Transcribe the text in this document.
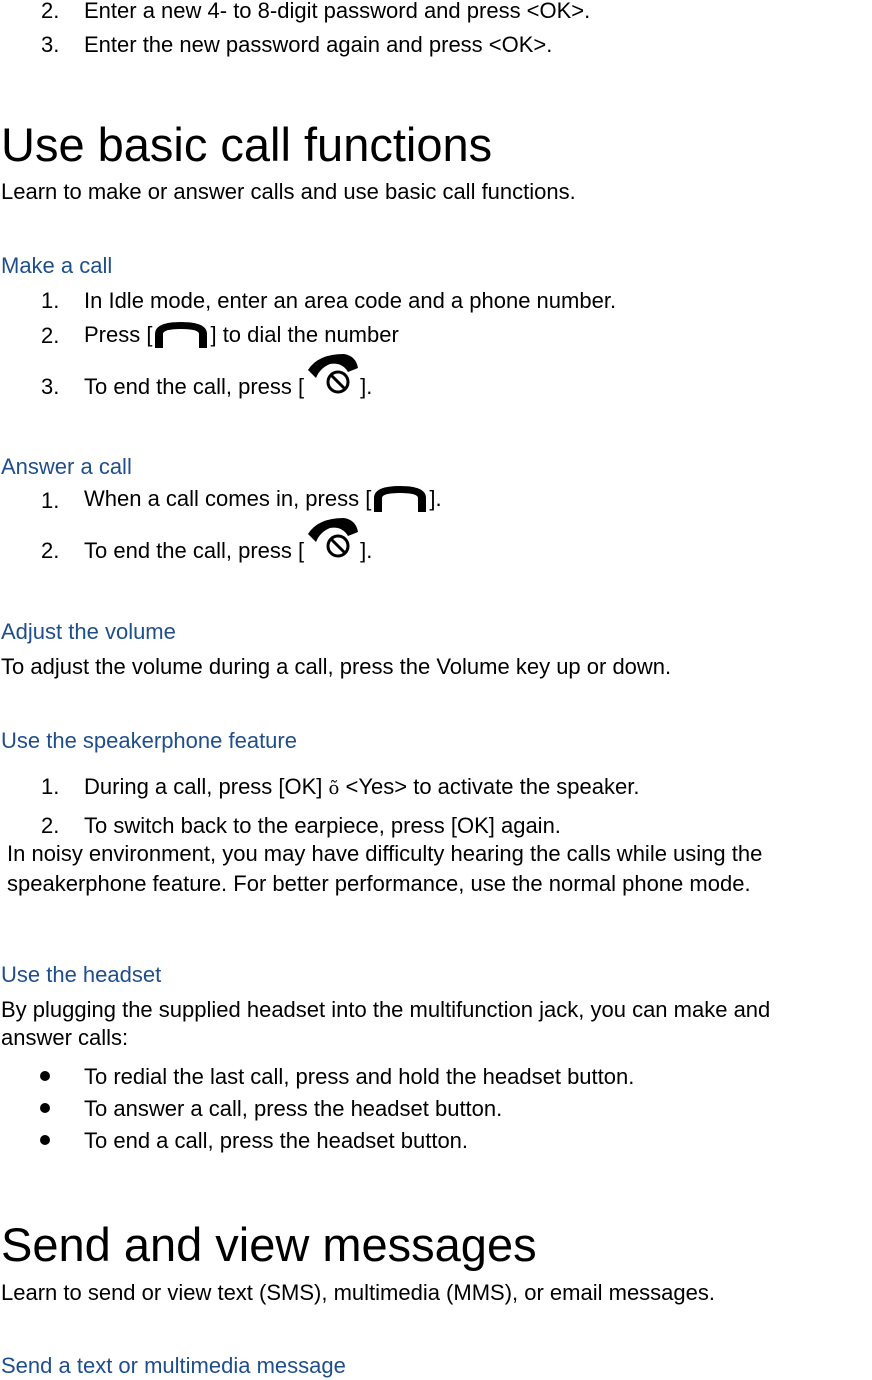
2. Enter a new 4- to 8-digit password and press <OK>.
3. Enter the new password again and press <OK>.
Use basic call functions
Learn to make or answer calls and use basic call functions.
Make a call
1. In Idle mode, enter an area code and a phone number.
2. Press [	] to dial the number
3. To end the call, press [	].
Answer a call
1. When a call comes in, press [	].
2. To end the call, press [	].
Adjust the volume
To adjust the volume during a call, press the Volume key up or down.
Use the speakerphone feature
1. During a call, press [OK] õ <Yes> to activate the speaker.
2. To switch back to the earpiece, press [OK] again.
In noisy environment, you may have difficulty hearing the calls while using the
speakerphone feature. For better performance, use the normal phone mode.
Use the headset
By plugging the supplied headset into the multifunction jack, you can make and
answer calls:
To redial the last call, press and hold the headset button.
To answer a call, press the headset button.
To end a call, press the headset button.
Send and view messages
Learn to send or view text (SMS), multimedia (MMS), or email messages.
Send a text or multimedia message
